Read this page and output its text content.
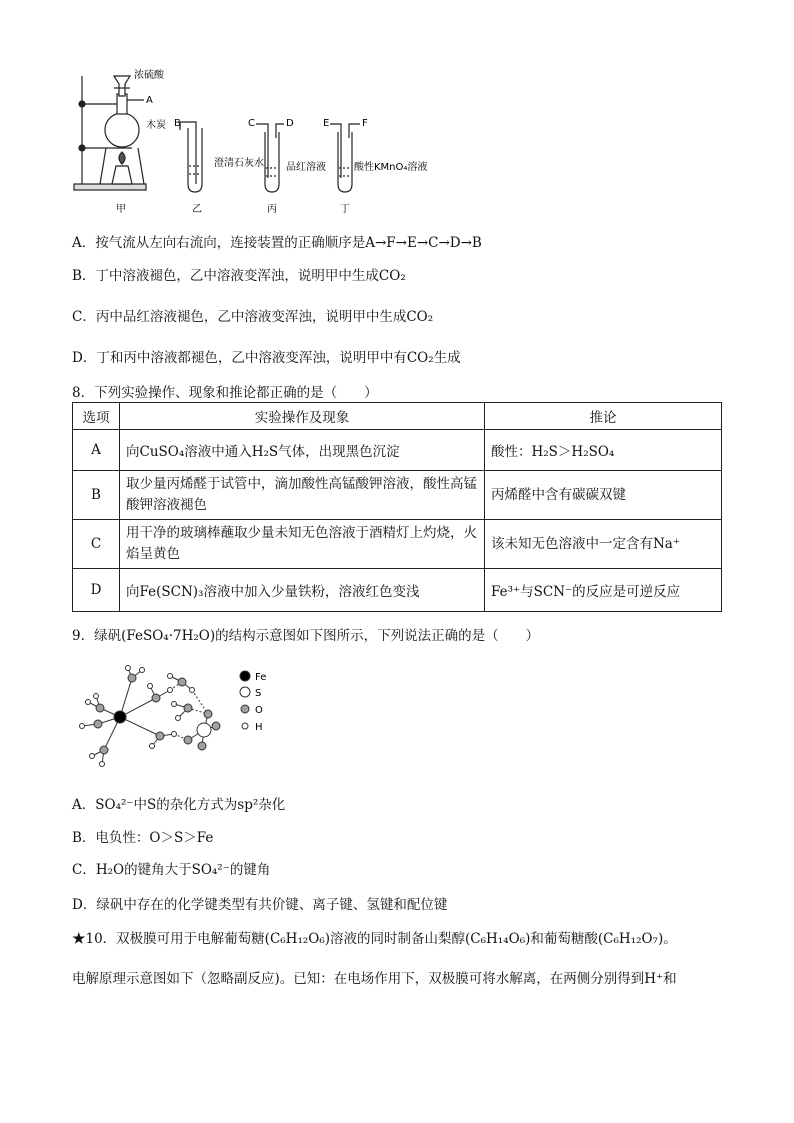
浓硫酸
A
木炭 B
澄清石灰水
C	D
品红溶液
E	F
酸性KMnO₄溶液
甲	乙	丙	丁
A．按气流从左向右流向，连接装置的正确顺序是A→F→E→C→D→B
B．丁中溶液褪色，乙中溶液变浑浊，说明甲中生成CO₂
C．丙中品红溶液褪色，乙中溶液变浑浊，说明甲中生成CO₂
D．丁和丙中溶液都褪色，乙中溶液变浑浊，说明甲中有CO₂生成
8．下列实验操作、现象和推论都正确的是（　　）
选项	实验操作及现象	推论
A	向CuSO₄溶液中通入H₂S气体，出现黑色沉淀	酸性：H₂S＞H₂SO₄
B	取少量丙烯醛于试管中，滴加酸性高锰酸钾溶液，酸性高锰酸钾溶液褪色	丙烯醛中含有碳碳双键
C	用干净的玻璃棒蘸取少量未知无色溶液于酒精灯上灼烧，火焰呈黄色	该未知无色溶液中一定含有Na⁺
D	向Fe(SCN)₃溶液中加入少量铁粉，溶液红色变浅	Fe³⁺与SCN⁻的反应是可逆反应
9．绿矾(FeSO₄·7H₂O)的结构示意图如下图所示，下列说法正确的是（　　）
Fe
S
O
H
A．SO₄²⁻中S的杂化方式为sp²杂化
B．电负性：O＞S＞Fe
C．H₂O的键角大于SO₄²⁻的键角
D．绿矾中存在的化学键类型有共价键、离子键、氢键和配位键
★10．双极膜可用于电解葡萄糖(C₆H₁₂O₆)溶液的同时制备山梨醇(C₆H₁₄O₆)和葡萄糖酸(C₆H₁₂O₇)。
电解原理示意图如下（忽略副反应)。已知：在电场作用下，双极膜可将水解离，在两侧分别得到H⁺和
